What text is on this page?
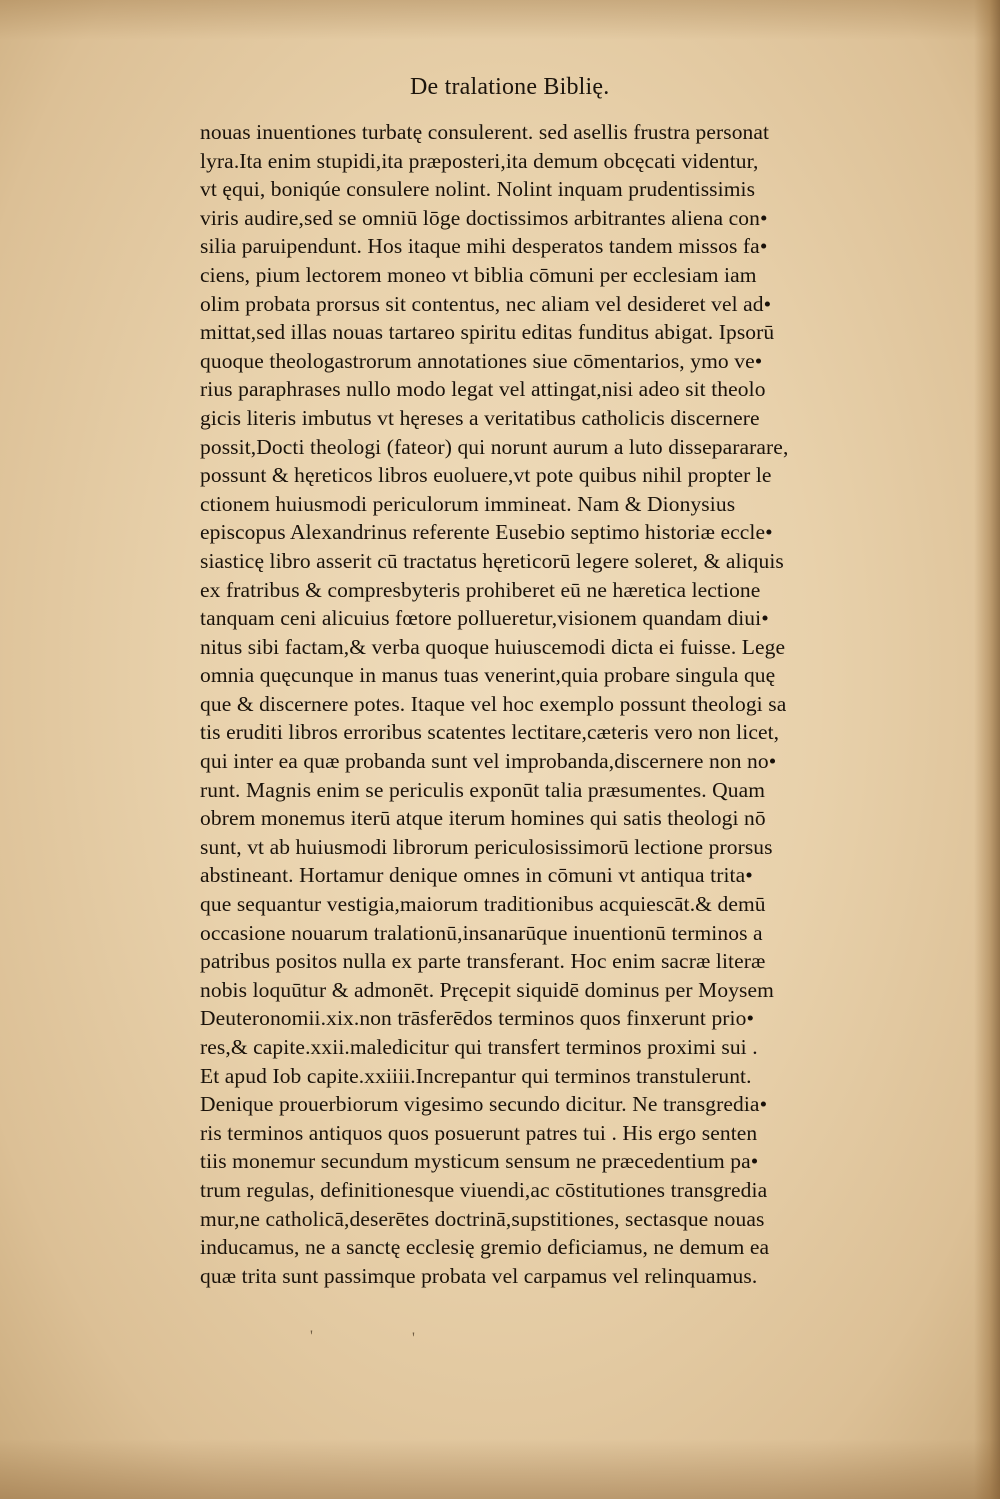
De tralatione Biblię.
nouas inuentiones turbatę consulerent. sed asellis frustra personat
lyra.Ita enim stupidi,ita præposteri,ita demum obcęcati videntur,
vt ęqui, boniqúe consulere nolint. Nolint inquam prudentissimis
viris audire,sed se omniū lōge doctissimos arbitrantes aliena con•
silia paruipendunt. Hos itaque mihi desperatos tandem missos fa•
ciens, pium lectorem moneo vt biblia cōmuni per ecclesiam iam
olim probata prorsus sit contentus, nec aliam vel desideret vel ad•
mittat,sed illas nouas tartareo spiritu editas funditus abigat. Ipsorū
quoque theologastrorum annotationes siue cōmentarios, ymo ve•
rius paraphrases nullo modo legat vel attingat,nisi adeo sit theolo
gicis literis imbutus vt hęreses a veritatibus catholicis discernere
possit,Docti theologi (fateor) qui norunt aurum a luto dissepararare,
possunt & hęreticos libros euoluere,vt pote quibus nihil propter le
ctionem huiusmodi periculorum immineat. Nam & Dionysius
episcopus Alexandrinus referente Eusebio septimo historiæ eccle•
siasticę libro asserit cū tractatus hęreticorū legere soleret, & aliquis
ex fratribus & compresbyteris prohiberet eū ne hæretica lectione
tanquam ceni alicuius fœtore pollueretur,visionem quandam diui•
nitus sibi factam,& verba quoque huiuscemodi dicta ei fuisse. Lege
omnia quęcunque in manus tuas venerint,quia probare singula quę
que & discernere potes. Itaque vel hoc exemplo possunt theologi sa
tis eruditi libros erroribus scatentes lectitare,cæteris vero non licet,
qui inter ea quæ probanda sunt vel improbanda,discernere non no•
runt. Magnis enim se periculis exponūt talia præsumentes. Quam
obrem monemus iterū atque iterum homines qui satis theologi nō
sunt, vt ab huiusmodi librorum periculosissimorū lectione prorsus
abstineant. Hortamur denique omnes in cōmuni vt antiqua trita•
que sequantur vestigia,maiorum traditionibus acquiescāt.& demū
occasione nouarum tralationū,insanarūque inuentionū terminos a
patribus positos nulla ex parte transferant. Hoc enim sacræ literæ
nobis loquūtur & admonēt. Pręcepit siquidē dominus per Moysem
Deuteronomii.xix.non trāsferēdos terminos quos finxerunt prio•
res,& capite.xxii.maledicitur qui transfert terminos proximi sui .
Et apud Iob capite.xxiiii.Increpantur qui terminos transtulerunt.
Denique prouerbiorum vigesimo secundo dicitur. Ne transgredia•
ris terminos antiquos quos posuerunt patres tui . His ergo senten
tiis monemur secundum mysticum sensum ne præcedentium pa•
trum regulas, definitionesque viuendi,ac cōstitutiones transgredia
mur,ne catholicā,deserētes doctrinā,supstitiones, sectasque nouas
inducamus, ne a sanctę ecclesię gremio deficiamus, ne demum ea
quæ trita sunt passimque probata vel carpamus vel relinquamus.
'	'
